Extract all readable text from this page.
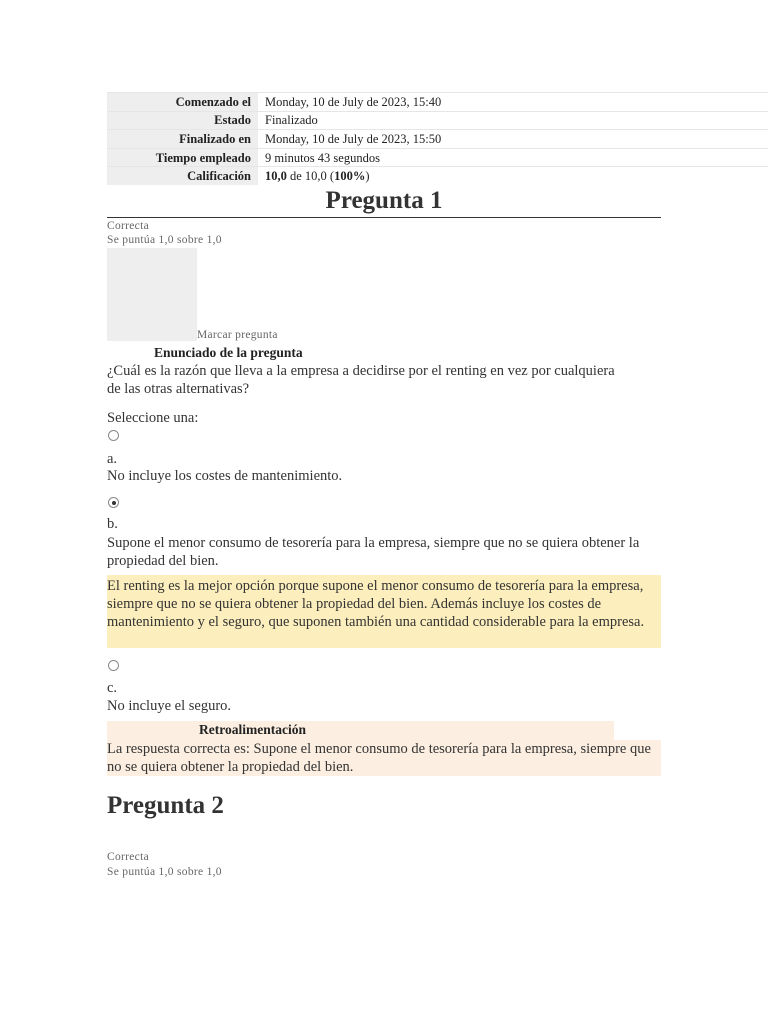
Comenzado el	Monday, 10 de July de 2023, 15:40
Estado	Finalizado
Finalizado en	Monday, 10 de July de 2023, 15:50
Tiempo empleado	9 minutos 43 segundos
Calificación	10,0 de 10,0 (100%)
Pregunta 1
Correcta
Se puntúa 1,0 sobre 1,0
Marcar pregunta
Enunciado de la pregunta
¿Cuál es la razón que lleva a la empresa a decidirse por el renting en vez por cualquiera de las otras alternativas?
Seleccione una:
a.
No incluye los costes de mantenimiento.
b.
Supone el menor consumo de tesorería para la empresa, siempre que no se quiera obtener la propiedad del bien.
El renting es la mejor opción porque supone el menor consumo de tesorería para la empresa, siempre que no se quiera obtener la propiedad del bien. Además incluye los costes de mantenimiento y el seguro, que suponen también una cantidad considerable para la empresa.
c.
No incluye el seguro.
Retroalimentación
La respuesta correcta es: Supone el menor consumo de tesorería para la empresa, siempre que no se quiera obtener la propiedad del bien.
Pregunta 2
Correcta
Se puntúa 1,0 sobre 1,0
